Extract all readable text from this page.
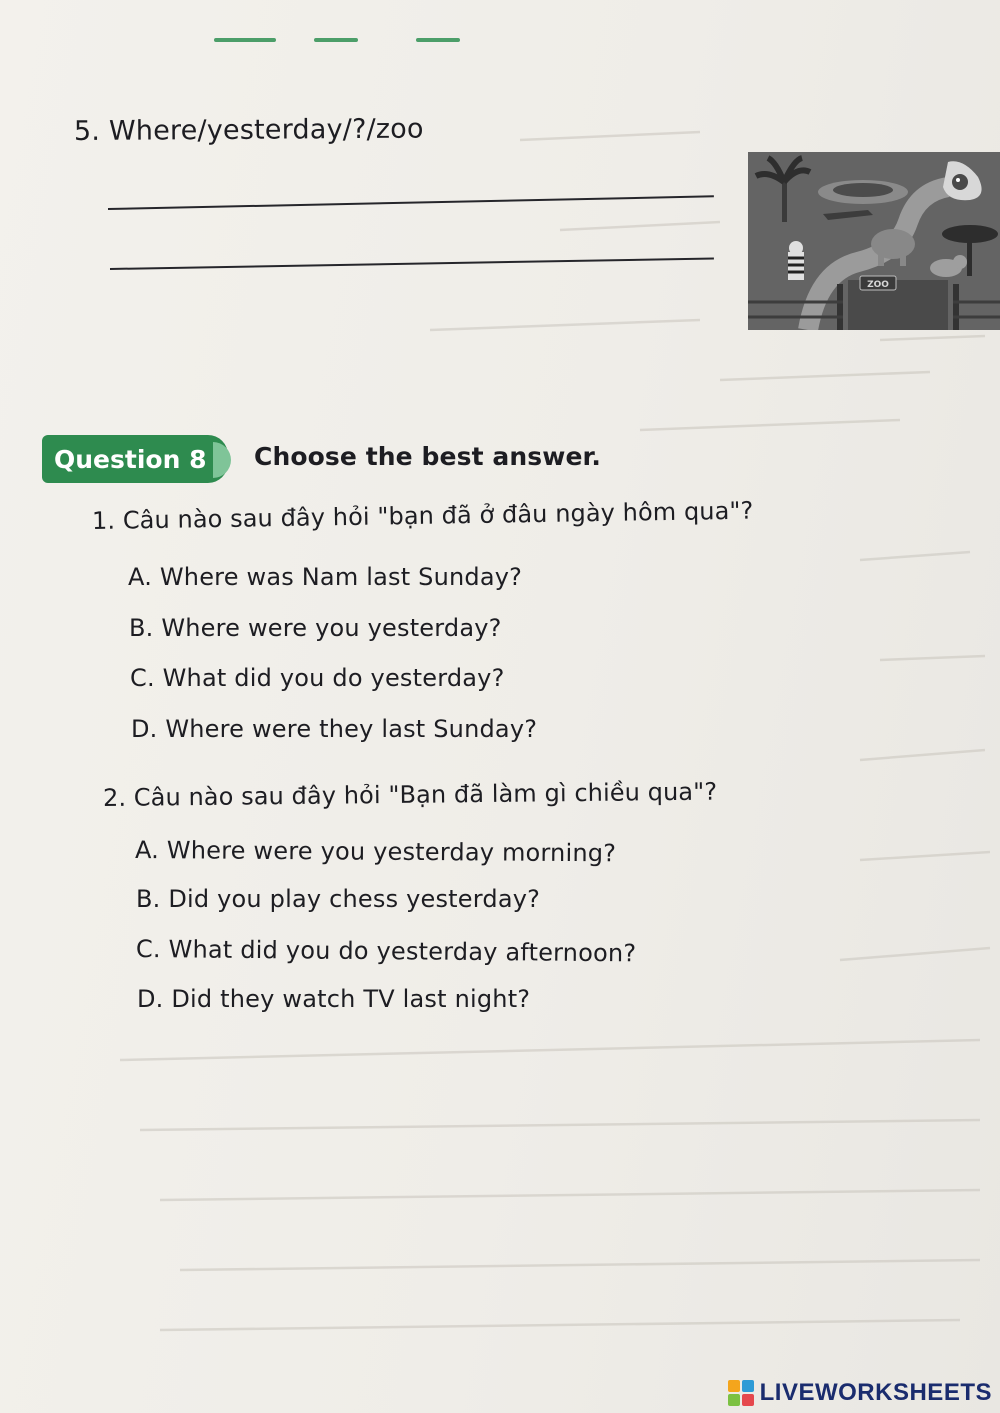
5. Where/yesterday/?/zoo
ZOO
Question 8 Choose the best answer.
1. Câu nào sau đây hỏi "bạn đã ở đâu ngày hôm qua"?
A. Where was Nam last Sunday?
B. Where were you yesterday?
C. What did you do yesterday?
D. Where were they last Sunday?
2. Câu nào sau đây hỏi "Bạn đã làm gì chiều qua"?
A. Where were you yesterday morning?
B. Did you play chess yesterday?
C. What did you do yesterday afternoon?
D. Did they watch TV last night?
LIVEWORKSHEETS
